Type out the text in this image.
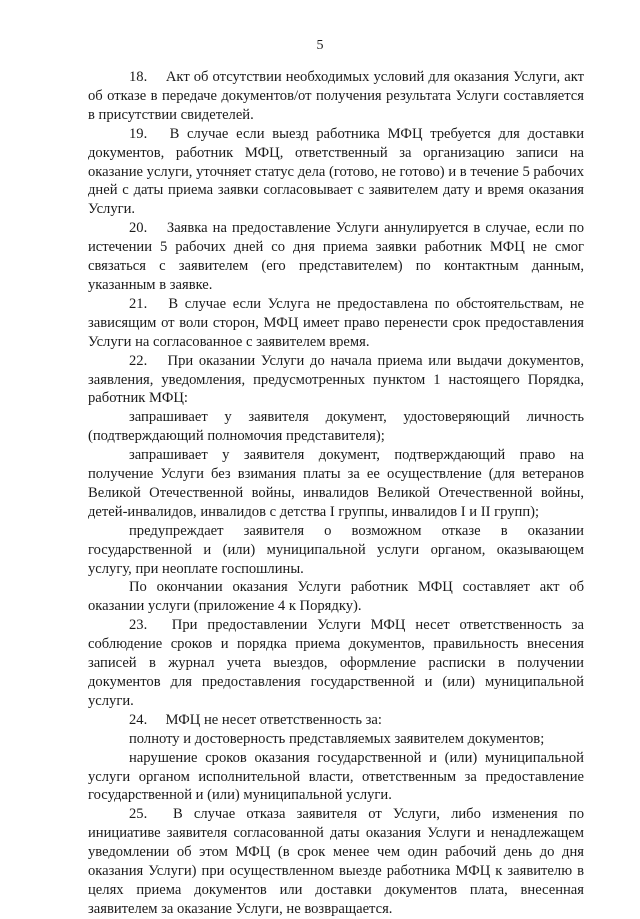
5

18.  Акт об отсутствии необходимых условий для оказания Услуги, акт об отказе в передаче документов/от получения результата Услуги составляется в присутствии свидетелей.

19.  В случае если выезд работника МФЦ требуется для доставки документов, работник МФЦ, ответственный за организацию записи на оказание услуги, уточняет статус дела (готово, не готово) и в течение 5 рабочих дней с даты приема заявки согласовывает с заявителем дату и время оказания Услуги.

20.  Заявка на предоставление Услуги аннулируется в случае, если по истечении 5 рабочих дней со дня приема заявки работник МФЦ не смог связаться с заявителем (его представителем) по контактным данным, указанным в заявке.

21.  В случае если Услуга не предоставлена по обстоятельствам, не зависящим от воли сторон, МФЦ имеет право перенести срок предоставления Услуги на согласованное с заявителем время.

22.  При оказании Услуги до начала приема или выдачи документов, заявления, уведомления, предусмотренных пунктом 1 настоящего Порядка, работник МФЦ:

запрашивает у заявителя документ, удостоверяющий личность (подтверждающий полномочия представителя);

запрашивает у заявителя документ, подтверждающий право на получение Услуги без взимания платы за ее осуществление (для ветеранов Великой Отечественной войны, инвалидов Великой Отечественной войны, детей-инвалидов, инвалидов с детства I группы, инвалидов I и II групп);

предупреждает заявителя о возможном отказе в оказании государственной и (или) муниципальной услуги органом, оказывающем услугу, при неоплате госпошлины.

По окончании оказания Услуги работник МФЦ составляет акт об оказании услуги (приложение 4 к Порядку).

23.  При предоставлении Услуги МФЦ несет ответственность за соблюдение сроков и порядка приема документов, правильность внесения записей в журнал учета выездов, оформление расписки в получении документов для предоставления государственной и (или) муниципальной услуги.

24.  МФЦ не несет ответственность за:

полноту и достоверность представляемых заявителем документов;

нарушение сроков оказания государственной и (или) муниципальной услуги органом исполнительной власти, ответственным за предоставление государственной и (или) муниципальной услуги.

25.  В случае отказа заявителя от Услуги, либо изменения по инициативе заявителя согласованной даты оказания Услуги и ненадлежащем уведомлении об этом МФЦ (в срок менее чем один рабочий день до дня оказания Услуги) при осуществленном выезде работника МФЦ к заявителю в целях приема документов или доставки документов плата, внесенная заявителем за оказание Услуги, не возвращается.
